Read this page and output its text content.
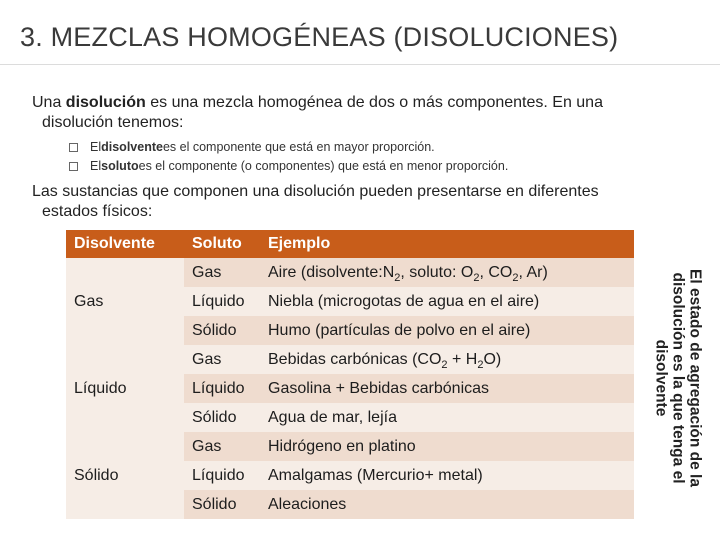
3. MEZCLAS HOMOGÉNEAS (DISOLUCIONES)
Una disolución es una mezcla homogénea de dos o más componentes. En una
disolución tenemos:
El disolvente es el componente que está en mayor proporción.
El soluto es el componente (o componentes) que está en menor proporción.
Las sustancias que componen una disolución pueden presentarse en diferentes
estados físicos:
Disolvente	Soluto	Ejemplo
Gas	Gas	Aire ($disolvente:N_2$, soluto: $O_2$, $CO_2$, Ar)
	Líquido	Niebla (microgotas de agua en el aire)
	Sólido	Humo (partículas de polvo en el aire)
Líquido	Gas	Bebidas carbónicas $(CO_2 + H_2O)$
	Líquido	Gasolina + Bebidas carbónicas
	Sólido	Agua de mar, lejía
Sólido	Gas	Hidrógeno en platino
	Líquido	Amalgamas (Mercurio+ metal)
	Sólido	Aleaciones
El estado de agregación de la disolución es la que tenga el disolvente
